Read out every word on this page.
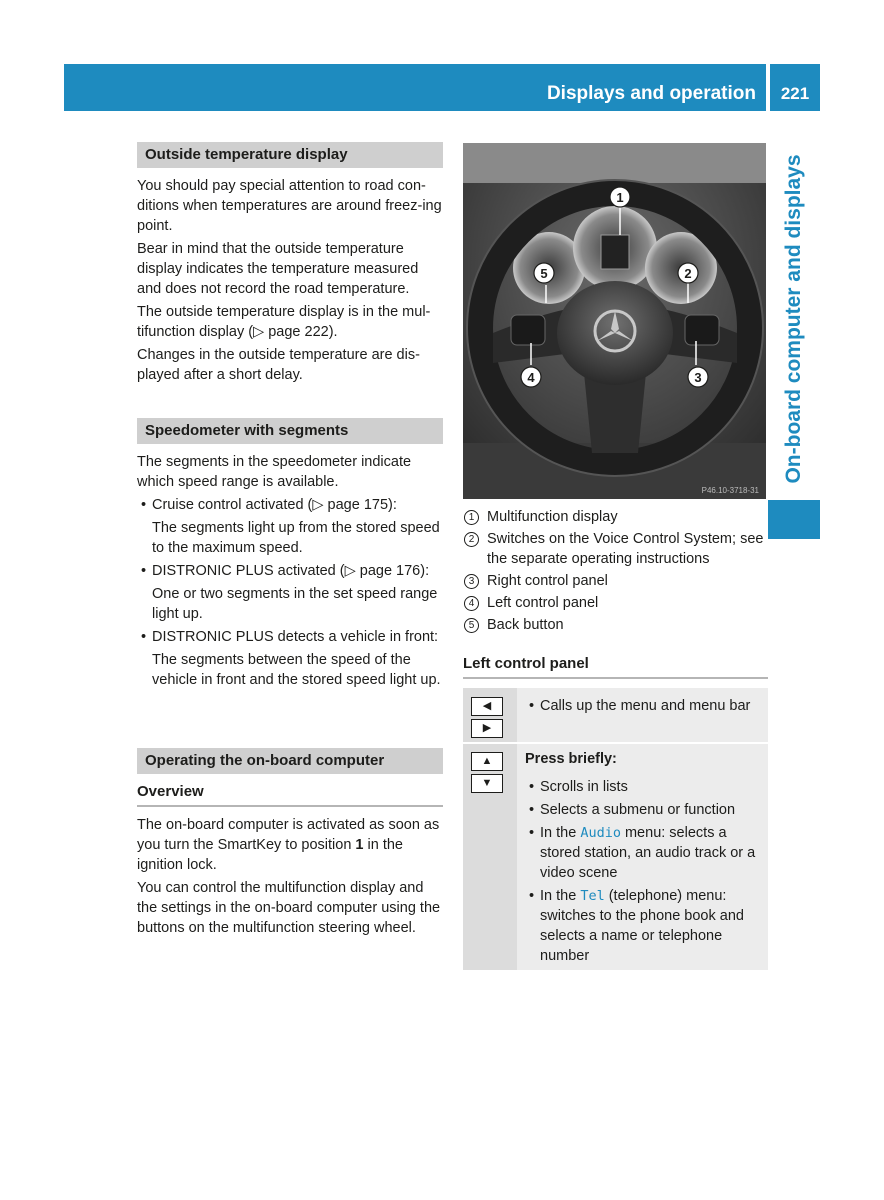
Displays and operation	221
On-board computer and displays
Outside temperature display

You should pay special attention to road con-ditions when temperatures are around freez-ing point.

Bear in mind that the outside temperature display indicates the temperature measured and does not record the road temperature.

The outside temperature display is in the mul-tifunction display (▷ page 222).

Changes in the outside temperature are dis-played after a short delay.

Speedometer with segments

The segments in the speedometer indicate which speed range is available.

• Cruise control activated (▷ page 175):
The segments light up from the stored speed to the maximum speed.
• DISTRONIC PLUS activated (▷ page 176):
One or two segments in the set speed range light up.
• DISTRONIC PLUS detects a vehicle in front:
The segments between the speed of the vehicle in front and the stored speed light up.
Operating the on-board computer
Overview

The on-board computer is activated as soon as you turn the SmartKey to position 1 in the ignition lock.

You can control the multifunction display and the settings in the on-board computer using the buttons on the multifunction steering wheel.

1
2
3
4
5
P46.10-3718-31
1 Multifunction display
2 Switches on the Voice Control System; see the separate operating instructions
3 Right control panel
4 Left control panel
5 Back button
Left control panel
◀
▶
• Calls up the menu and menu bar
▲
▼
Press briefly:
• Scrolls in lists
• Selects a submenu or function
• In the Audio menu: selects a stored station, an audio track or a video scene
• In the Tel (telephone) menu: switches to the phone book and selects a name or telephone number
